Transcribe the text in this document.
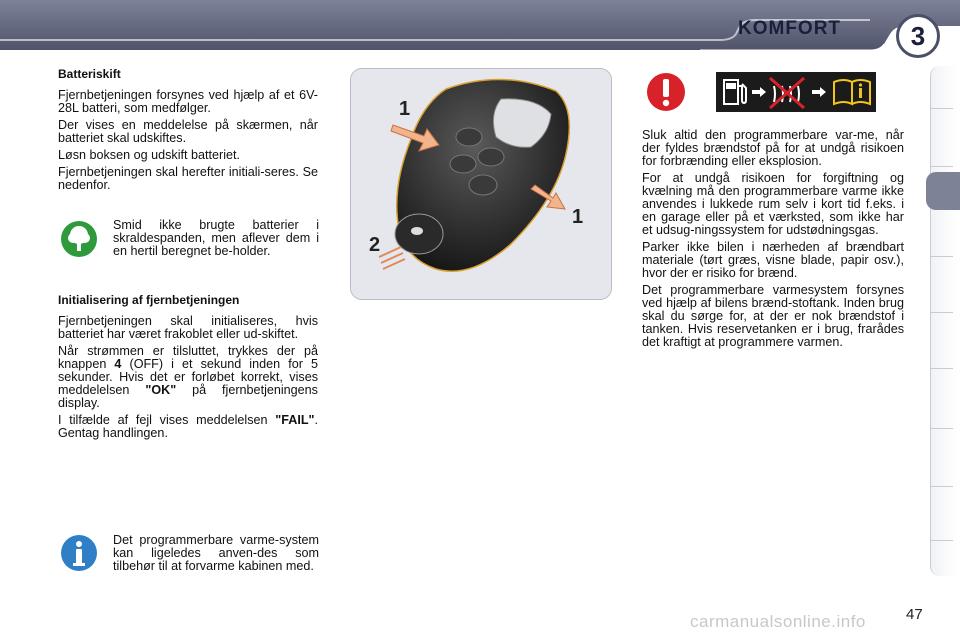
KOMFORT	3

Batteriskift

Fjernbetjeningen forsynes ved hjælp af et 6V-28L batteri, som medfølger.

Der vises en meddelelse på skærmen, når batteriet skal udskiftes.

Løsn boksen og udskift batteriet.

Fjernbetjeningen skal herefter initiali-seres. Se nedenfor.

Smid ikke brugte batterier i skraldespanden, men aflever dem i en hertil beregnet be-holder.

Initialisering af fjernbetjeningen

Fjernbetjeningen skal initialiseres, hvis batteriet har været frakoblet eller ud-skiftet.

Når strømmen er tilsluttet, trykkes der på knappen 4 (OFF) i et sekund inden for 5 sekunder. Hvis det er forløbet korrekt, vises meddelelsen "OK" på fjernbetjeningens display.

I tilfælde af fejl vises meddelelsen "FAIL". Gentag handlingen.

Det programmerbare varme-system kan ligeledes anven-des som tilbehør til at forvarme kabinen med.
1
1
2

Sluk altid den programmerbare var-me, når der fyldes brændstof på for at undgå risikoen for forbrænding eller eksplosion.

For at undgå risikoen for forgiftning og kvælning må den programmerbare varme ikke anvendes i lukkede rum selv i kort tid f.eks. i en garage eller på et værksted, som ikke har et udsug-ningssystem for udstødningsgas.

Parker ikke bilen i nærheden af brændbart materiale (tørt græs, visne blade, papir osv.), hvor der er risiko for brænd.

Det programmerbare varmesystem forsynes ved hjælp af bilens brænd-stoftank. Inden brug skal du sørge for, at der er nok brændstof i tanken. Hvis reservetanken er i brug, frarådes det kraftigt at programmere varmen.

carmanualsonline.info	47
